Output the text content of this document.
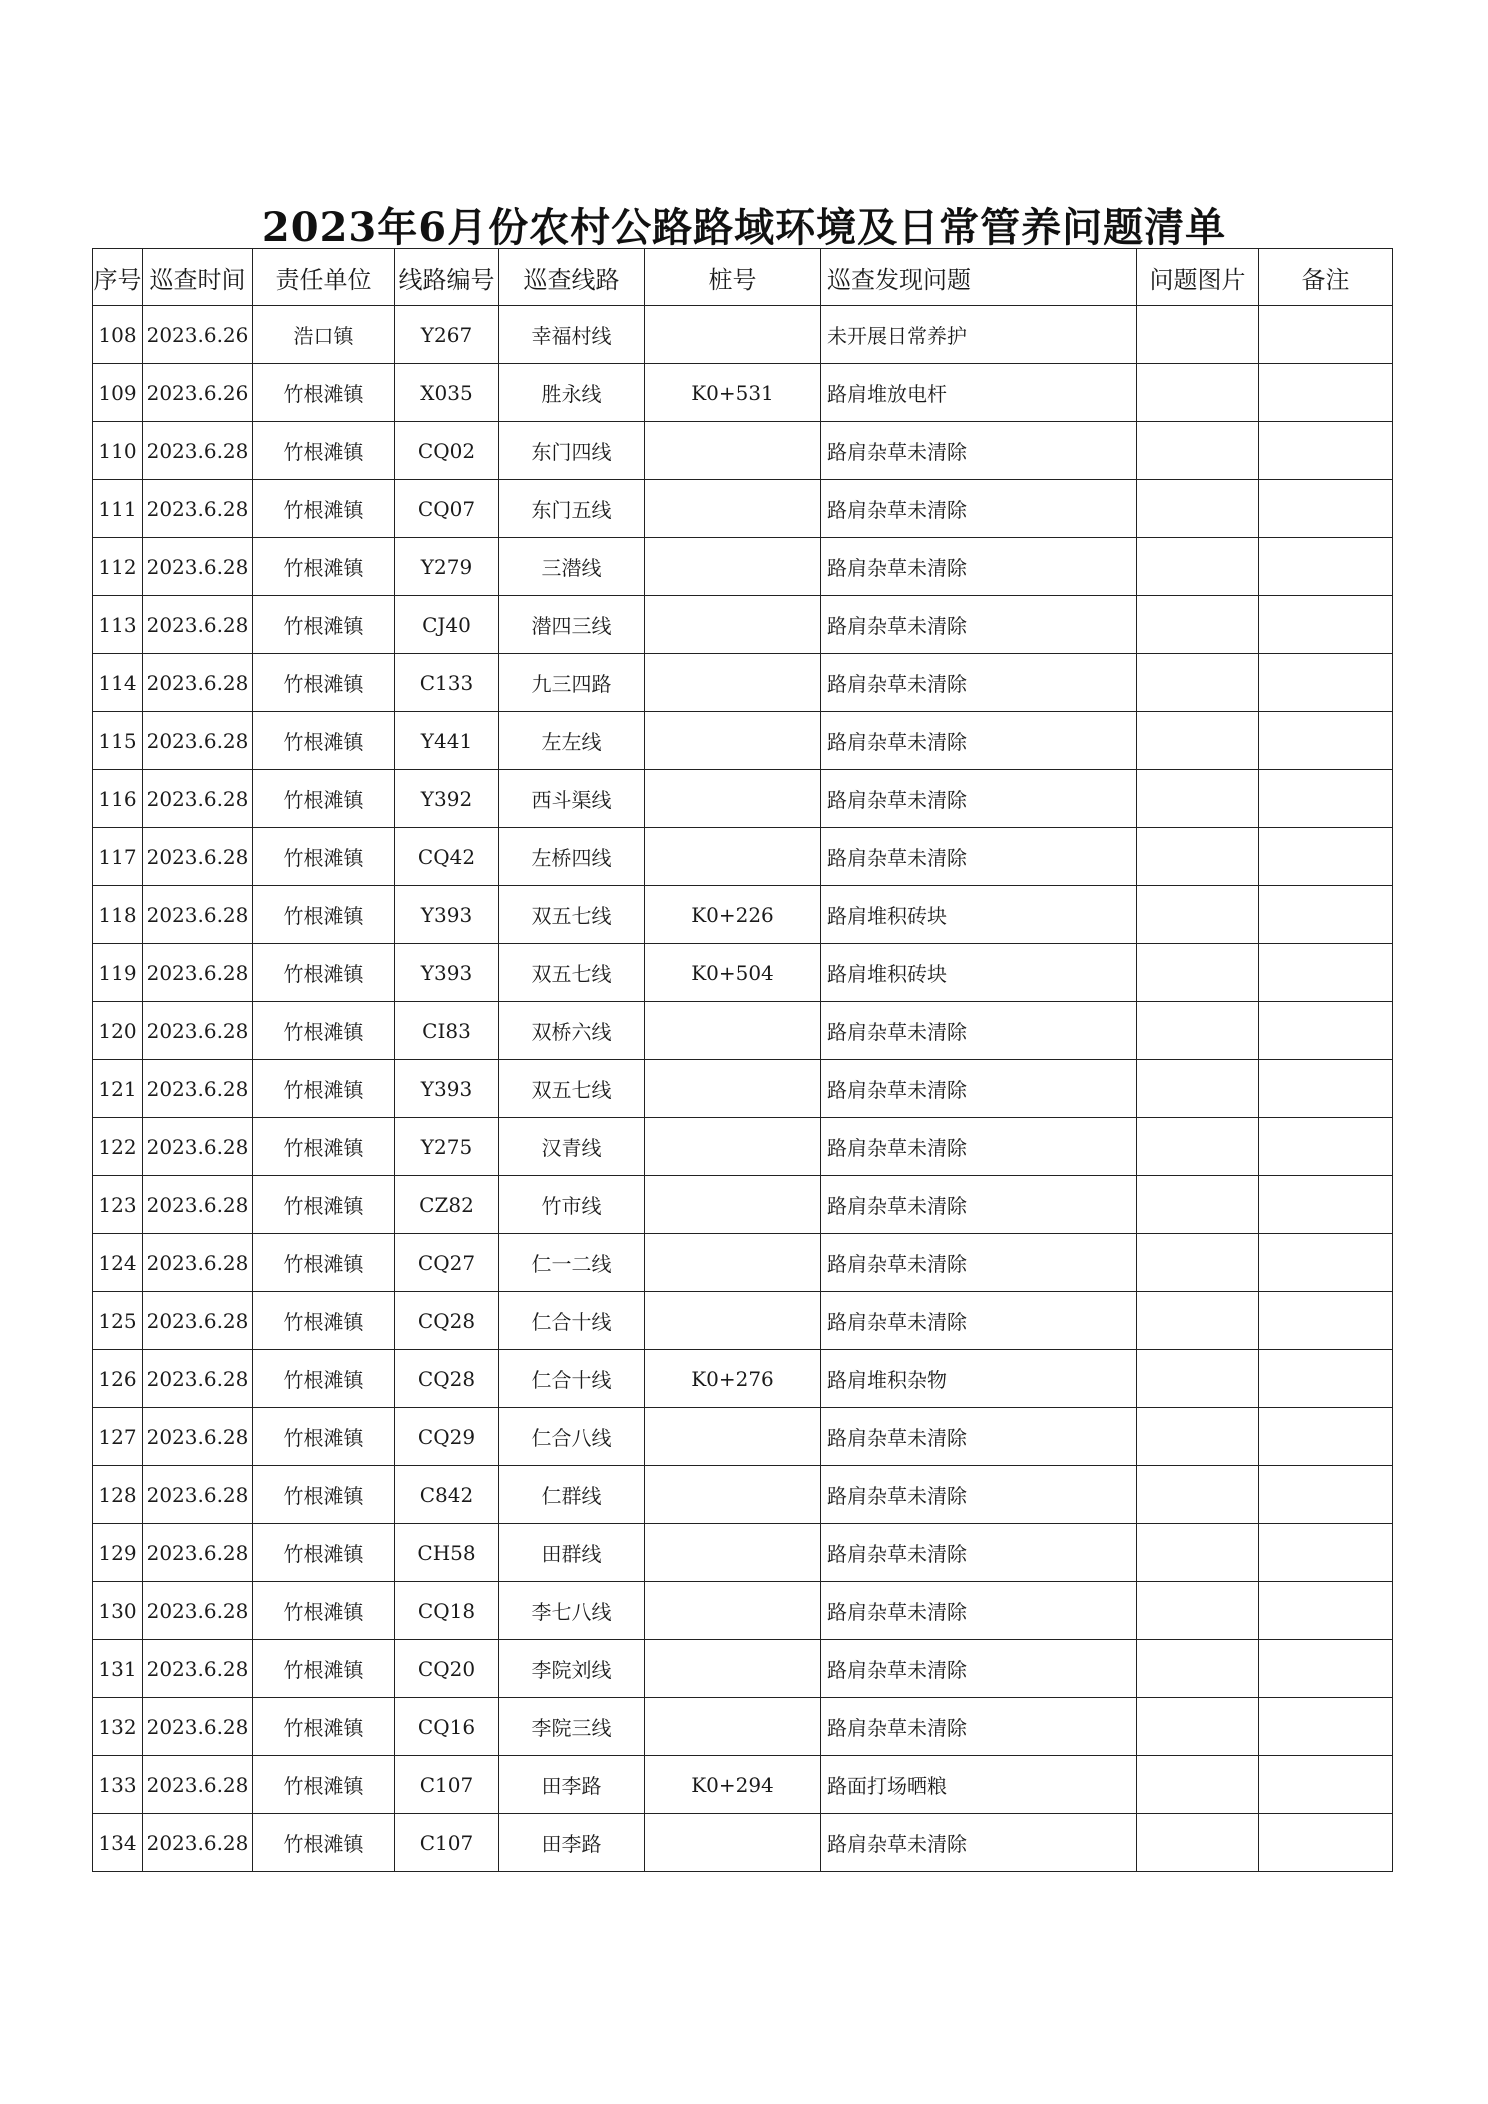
2023年6月份农村公路路域环境及日常管养问题清单
序号	巡查时间	责任单位	线路编号	巡查线路	桩号	巡查发现问题	问题图片	备注
108	2023.6.26	浩口镇	Y267	幸福村线		未开展日常养护		
109	2023.6.26	竹根滩镇	X035	胜永线	K0+531	路肩堆放电杆		
110	2023.6.28	竹根滩镇	CQ02	东门四线		路肩杂草未清除		
111	2023.6.28	竹根滩镇	CQ07	东门五线		路肩杂草未清除		
112	2023.6.28	竹根滩镇	Y279	三潜线		路肩杂草未清除		
113	2023.6.28	竹根滩镇	CJ40	潜四三线		路肩杂草未清除		
114	2023.6.28	竹根滩镇	C133	九三四路		路肩杂草未清除		
115	2023.6.28	竹根滩镇	Y441	左左线		路肩杂草未清除		
116	2023.6.28	竹根滩镇	Y392	西斗渠线		路肩杂草未清除		
117	2023.6.28	竹根滩镇	CQ42	左桥四线		路肩杂草未清除		
118	2023.6.28	竹根滩镇	Y393	双五七线	K0+226	路肩堆积砖块		
119	2023.6.28	竹根滩镇	Y393	双五七线	K0+504	路肩堆积砖块		
120	2023.6.28	竹根滩镇	CI83	双桥六线		路肩杂草未清除		
121	2023.6.28	竹根滩镇	Y393	双五七线		路肩杂草未清除		
122	2023.6.28	竹根滩镇	Y275	汉青线		路肩杂草未清除		
123	2023.6.28	竹根滩镇	CZ82	竹市线		路肩杂草未清除		
124	2023.6.28	竹根滩镇	CQ27	仁一二线		路肩杂草未清除		
125	2023.6.28	竹根滩镇	CQ28	仁合十线		路肩杂草未清除		
126	2023.6.28	竹根滩镇	CQ28	仁合十线	K0+276	路肩堆积杂物		
127	2023.6.28	竹根滩镇	CQ29	仁合八线		路肩杂草未清除		
128	2023.6.28	竹根滩镇	C842	仁群线		路肩杂草未清除		
129	2023.6.28	竹根滩镇	CH58	田群线		路肩杂草未清除		
130	2023.6.28	竹根滩镇	CQ18	李七八线		路肩杂草未清除		
131	2023.6.28	竹根滩镇	CQ20	李院刘线		路肩杂草未清除		
132	2023.6.28	竹根滩镇	CQ16	李院三线		路肩杂草未清除		
133	2023.6.28	竹根滩镇	C107	田李路	K0+294	路面打场晒粮		
134	2023.6.28	竹根滩镇	C107	田李路		路肩杂草未清除		
